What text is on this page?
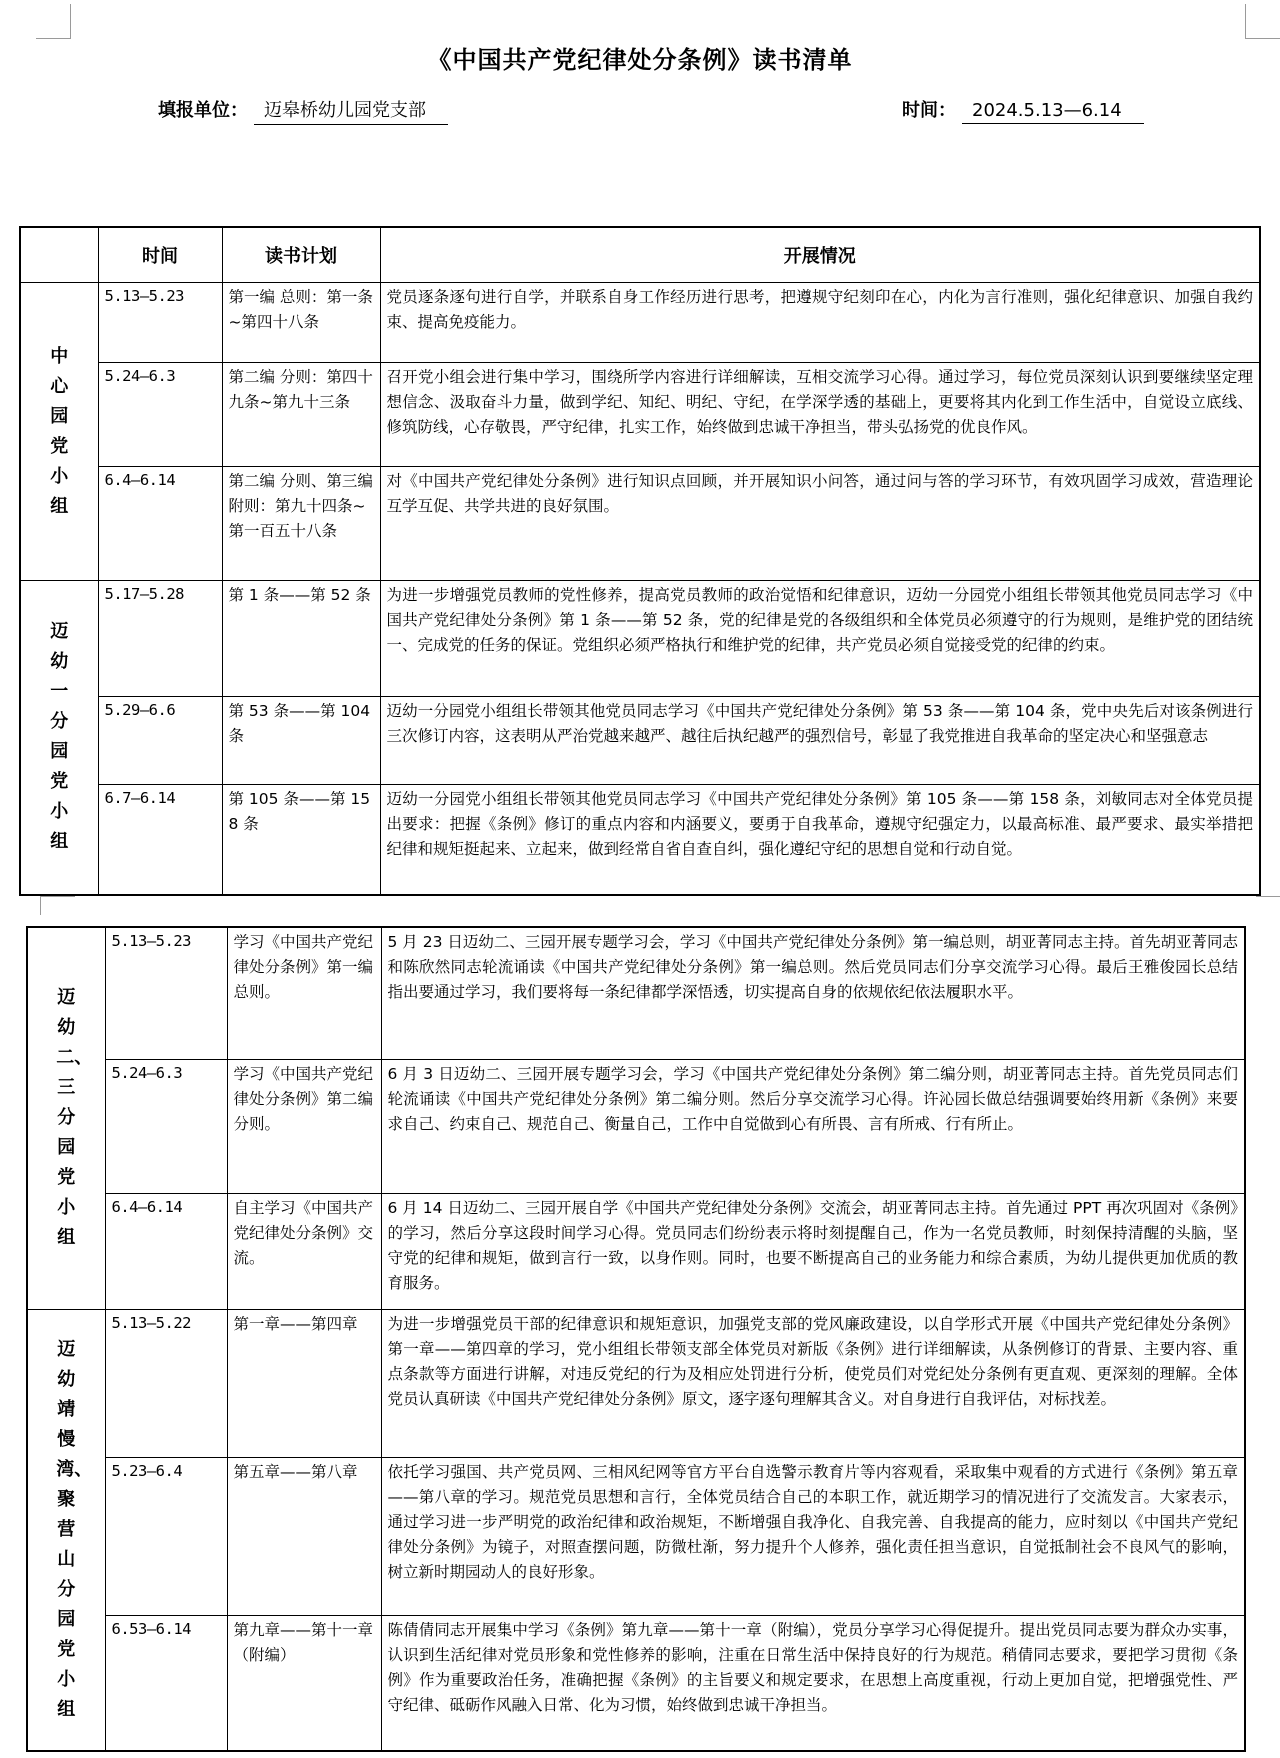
《中国共产党纪律处分条例》读书清单
填报单位： 迈皋桥幼儿园党支部	时间： 2024.5.13—6.14
	时间	读书计划	开展情况

中心园党小组	5.13—5.23	第一编 总则：第一条~第四十八条	党员逐条逐句进行自学，并联系自身工作经历进行思考，把遵规守纪刻印在心，内化为言行准则，强化纪律意识、加强自我约束、提高免疫能力。
	5.24—6.3	第二编 分则：第四十九条~第九十三条	召开党小组会进行集中学习，围绕所学内容进行详细解读，互相交流学习心得。通过学习，每位党员深刻认识到要继续坚定理想信念、汲取奋斗力量，做到学纪、知纪、明纪、守纪，在学深学透的基础上，更要将其内化到工作生活中，自觉设立底线、修筑防线，心存敬畏，严守纪律，扎实工作，始终做到忠诚干净担当，带头弘扬党的优良作风。
	6.4—6.14	第二编 分则、第三编 附则：第九十四条~第一百五十八条	对《中国共产党纪律处分条例》进行知识点回顾，并开展知识小问答，通过问与答的学习环节，有效巩固学习成效，营造理论互学互促、共学共进的良好氛围。

迈幼一分园党小组	5.17—5.28	第 1 条——第 52 条	为进一步增强党员教师的党性修养，提高党员教师的政治觉悟和纪律意识，迈幼一分园党小组组长带领其他党员同志学习《中国共产党纪律处分条例》第 1 条——第 52 条，党的纪律是党的各级组织和全体党员必须遵守的行为规则，是维护党的团结统一、完成党的任务的保证。党组织必须严格执行和维护党的纪律，共产党员必须自觉接受党的纪律的约束。
	5.29—6.6	第 53 条——第 104 条	迈幼一分园党小组组长带领其他党员同志学习《中国共产党纪律处分条例》第 53 条——第 104 条，党中央先后对该条例进行三次修订内容，这表明从严治党越来越严、越往后执纪越严的强烈信号，彰显了我党推进自我革命的坚定决心和坚强意志
	6.7—6.14	第 105 条——第 158 条	迈幼一分园党小组组长带领其他党员同志学习《中国共产党纪律处分条例》第 105 条——第 158 条，刘敏同志对全体党员提出要求：把握《条例》修订的重点内容和内涵要义，要勇于自我革命，遵规守纪强定力，以最高标准、最严要求、最实举措把纪律和规矩挺起来、立起来，做到经常自省自查自纠，强化遵纪守纪的思想自觉和行动自觉。
迈幼二、三分园党小组	5.13—5.23	学习《中国共产党纪律处分条例》第一编总则。	5 月 23 日迈幼二、三园开展专题学习会，学习《中国共产党纪律处分条例》第一编总则，胡亚菁同志主持。首先胡亚菁同志和陈欣然同志轮流诵读《中国共产党纪律处分条例》第一编总则。然后党员同志们分享交流学习心得。最后王雅俊园长总结指出要通过学习，我们要将每一条纪律都学深悟透，切实提高自身的依规依纪依法履职水平。
	5.24—6.3	学习《中国共产党纪律处分条例》第二编分则。	6 月 3 日迈幼二、三园开展专题学习会，学习《中国共产党纪律处分条例》第二编分则，胡亚菁同志主持。首先党员同志们轮流诵读《中国共产党纪律处分条例》第二编分则。然后分享交流学习心得。许沁园长做总结强调要始终用新《条例》来要求自己、约束自己、规范自己、衡量自己，工作中自觉做到心有所畏、言有所戒、行有所止。
	6.4—6.14	自主学习《中国共产党纪律处分条例》交流。	6 月 14 日迈幼二、三园开展自学《中国共产党纪律处分条例》交流会，胡亚菁同志主持。首先通过 PPT 再次巩固对《条例》的学习，然后分享这段时间学习心得。党员同志们纷纷表示将时刻提醒自己，作为一名党员教师，时刻保持清醒的头脑，坚守党的纪律和规矩，做到言行一致，以身作则。同时，也要不断提高自己的业务能力和综合素质，为幼儿提供更加优质的教育服务。

迈幼靖慢湾、聚营山分园党小组	5.13—5.22	第一章——第四章	为进一步增强党员干部的纪律意识和规矩意识，加强党支部的党风廉政建设，以自学形式开展《中国共产党纪律处分条例》第一章——第四章的学习，党小组组长带领支部全体党员对新版《条例》进行详细解读，从条例修订的背景、主要内容、重点条款等方面进行讲解，对违反党纪的行为及相应处罚进行分析，使党员们对党纪处分条例有更直观、更深刻的理解。全体党员认真研读《中国共产党纪律处分条例》原文，逐字逐句理解其含义。对自身进行自我评估，对标找差。
	5.23—6.4	第五章——第八章	依托学习强国、共产党员网、三相风纪网等官方平台自选警示教育片等内容观看，采取集中观看的方式进行《条例》第五章——第八章的学习。规范党员思想和言行，全体党员结合自己的本职工作，就近期学习的情况进行了交流发言。大家表示，通过学习进一步严明党的政治纪律和政治规矩，不断增强自我净化、自我完善、自我提高的能力，应时刻以《中国共产党纪律处分条例》为镜子，对照查摆问题，防微杜渐，努力提升个人修养，强化责任担当意识，自觉抵制社会不良风气的影响，树立新时期园动人的良好形象。
	6.53—6.14	第九章——第十一章（附编）	陈倩倩同志开展集中学习《条例》第九章——第十一章（附编），党员分享学习心得促提升。提出党员同志要为群众办实事，认识到生活纪律对党员形象和党性修养的影响，注重在日常生活中保持良好的行为规范。稍倩同志要求，要把学习贯彻《条例》作为重要政治任务，准确把握《条例》的主旨要义和规定要求，在思想上高度重视，行动上更加自觉，把增强党性、严守纪律、砥砺作风融入日常、化为习惯，始终做到忠诚干净担当。
